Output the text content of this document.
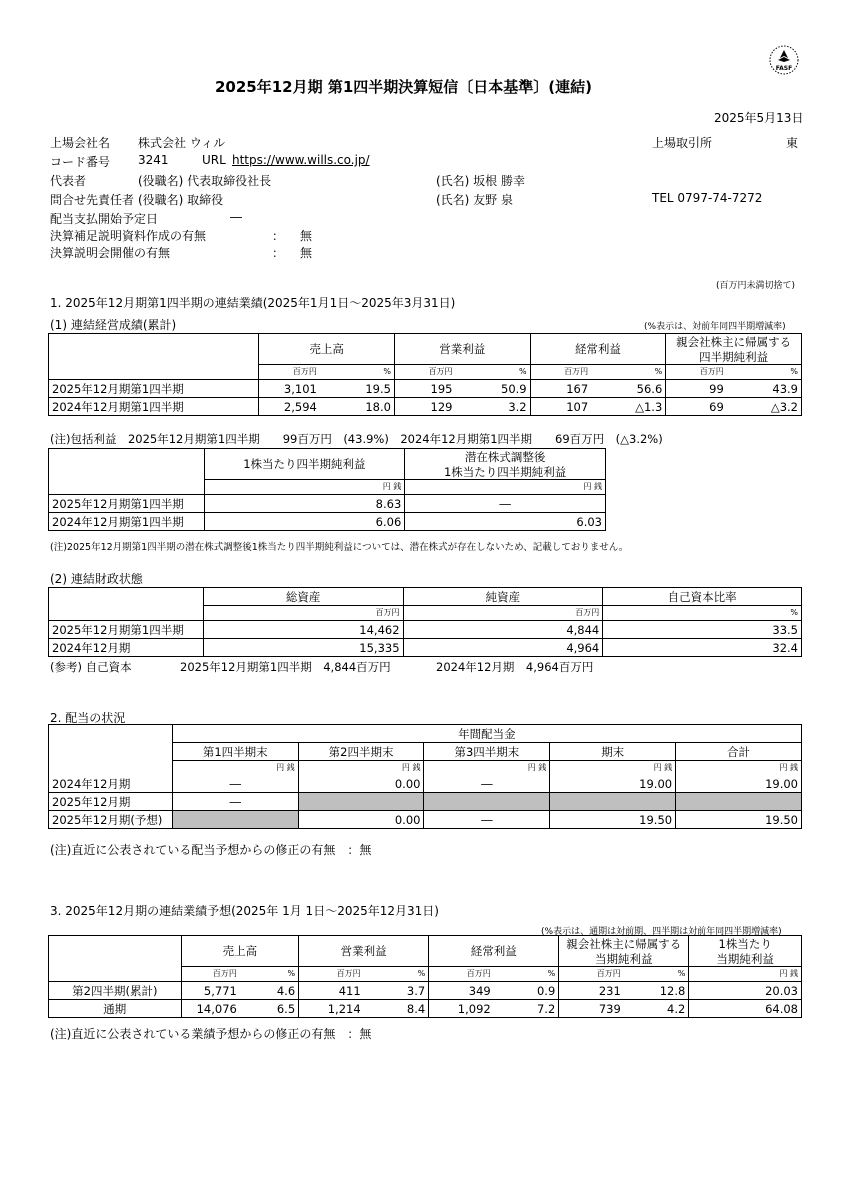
FASF
2025年12月期 第1四半期決算短信〔日本基準〕(連結)
2025年5月13日
上場会社名 株式会社 ウィル	上場取引所	東
コード番号 3241	URL https://www.wills.co.jp/
代表者	(役職名) 代表取締役社長	(氏名) 坂根 勝幸
問合せ先責任者 (役職名) 取締役	(氏名) 友野 泉	TEL 0797-74-7272
配当支払開始予定日	―
決算補足説明資料作成の有無	： 無
決算説明会開催の有無	： 無
(百万円未満切捨て)
1. 2025年12月期第1四半期の連結業績(2025年1月1日～2025年3月31日)
(1) 連結経営成績(累計)	(%表示は、対前年同四半期増減率)
	売上高		営業利益		経常利益		親会社株主に帰属する	
							四半期純利益	
	百万円	%	百万円	%	百万円	%	百万円	%
2025年12月期第1四半期	3,101	19.5	195	50.9	167	56.6	99	43.9
2024年12月期第1四半期	2,594	18.0	129	3.2	107	△1.3	69	△3.2
(注)包括利益　2025年12月期第1四半期　　99百万円　(43.9%)　2024年12月期第1四半期　　69百万円　(△3.2%)
	1株当たり四半期純利益	潜在株式調整後
		1株当たり四半期純利益
	円 銭	円 銭
2025年12月期第1四半期	8.63	―
2024年12月期第1四半期	6.06	6.03
(注)2025年12月期第1四半期の潜在株式調整後1株当たり四半期純利益については、潜在株式が存在しないため、記載しておりません。
(2) 連結財政状態
	総資産	純資産	自己資本比率
	百万円	百万円	%
2025年12月期第1四半期	14,462	4,844	33.5
2024年12月期	15,335	4,964	32.4
(参考) 自己資本	2025年12月期第1四半期　4,844百万円	2024年12月期　4,964百万円
2. 配当の状況
	年間配当金				
	第1四半期末	第2四半期末	第3四半期末	期末	合計
	円 銭	円 銭	円 銭	円 銭	円 銭
2024年12月期	―	0.00	―	19.00	19.00
2025年12月期	―				
2025年12月期(予想)		0.00	―	19.50	19.50
(注)直近に公表されている配当予想からの修正の有無　：無
3. 2025年12月期の連結業績予想(2025年 1月 1日～2025年12月31日)
(%表示は、通期は対前期、四半期は対前年同四半期増減率)
	売上高		営業利益		経常利益		親会社株主に帰属する		1株当たり
							当期純利益		当期純利益
	百万円	%	百万円	%	百万円	%	百万円	%	円 銭
第2四半期(累計)	5,771	4.6	411	3.7	349	0.9	231	12.8	20.03
通期	14,076	6.5	1,214	8.4	1,092	7.2	739	4.2	64.08
(注)直近に公表されている業績予想からの修正の有無　：無
